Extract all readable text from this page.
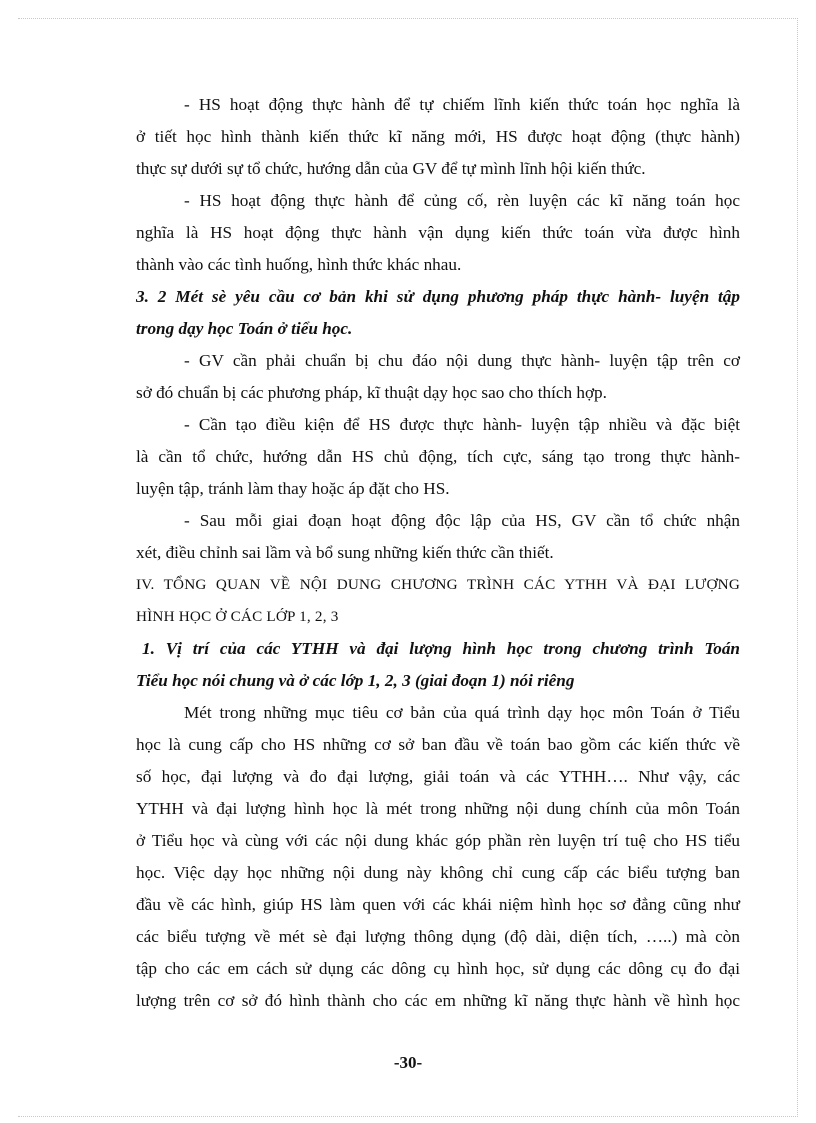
- HS hoạt động thực hành để tự chiếm lĩnh kiến thức toán học nghĩa là
ở tiết học hình thành kiến thức kĩ năng mới, HS được hoạt động (thực hành)
thực sự dưới sự tổ chức, hướng dẫn của GV để tự mình lĩnh hội kiến thức.
- HS hoạt động thực hành để củng cố, rèn luyện các kĩ năng toán học
nghĩa là HS hoạt động thực hành vận dụng kiến thức toán vừa được hình
thành vào các tình huống, hình thức khác nhau.
3. 2 Mét sè yêu cầu cơ bản khi sử dụng phương pháp thực hành- luyện tập
trong dạy học Toán ở tiểu học.
- GV cần phải chuẩn bị chu đáo nội dung thực hành- luyện tập trên cơ
sở đó chuẩn bị các phương pháp, kĩ thuật dạy học sao cho thích hợp.
- Cần tạo điều kiện để HS được thực hành- luyện tập nhiều và đặc biệt
là cần tổ chức, hướng dẫn HS chủ động, tích cực, sáng tạo trong thực hành-
luyện tập, tránh làm thay hoặc áp đặt cho HS.
- Sau mỗi giai đoạn hoạt động độc lập của HS, GV cần tổ chức nhận
xét, điều chỉnh sai lầm và bổ sung những kiến thức cần thiết.
IV. TỔNG QUAN VỀ NỘI DUNG CHƯƠNG TRÌNH CÁC YTHH VÀ ĐẠI LƯỢNG
HÌNH HỌC Ở CÁC LỚP 1, 2, 3
1. Vị trí của các YTHH và đại lượng hình học trong chương trình Toán
Tiểu học nói chung và ở các lớp 1, 2, 3 (giai đoạn 1) nói riêng
Mét trong những mục tiêu cơ bản của quá trình dạy học môn Toán ở Tiểu
học là cung cấp cho HS những cơ sở ban đầu về toán bao gồm các kiến thức về
số học, đại lượng và đo đại lượng, giải toán và các YTHH…. Như vậy, các
YTHH và đại lượng hình học là mét trong những nội dung chính của môn Toán
ở Tiểu học và cùng với các nội dung khác góp phần rèn luyện trí tuệ cho HS tiểu
học. Việc dạy học những nội dung này không chỉ cung cấp các biểu tượng ban
đầu về các hình, giúp HS làm quen với các khái niệm hình học sơ đẳng cũng như
các biểu tượng về mét sè đại lượng thông dụng (độ dài, diện tích, …..) mà còn
tập cho các em cách sử dụng các dông cụ hình học, sử dụng các dông cụ đo đại
lượng trên cơ sở đó hình thành cho các em những kĩ năng thực hành về hình học
-30-
